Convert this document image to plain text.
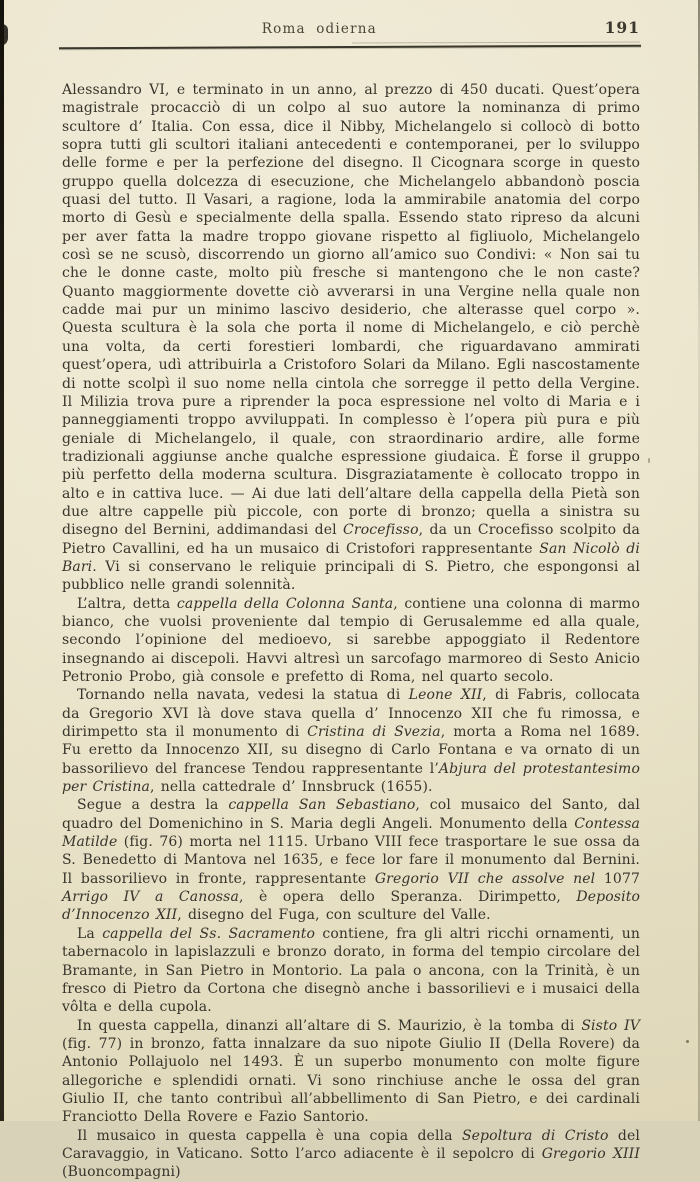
Roma odierna	191

Alessandro VI, e terminato in un anno, al prezzo di 450 ducati. Quest’opera magistrale procacciò di un colpo al suo autore la nominanza di primo scultore d’ Italia. Con essa, dice il Nibby, Michelangelo si collocò di botto sopra tutti gli scultori italiani antecedenti e contemporanei, per lo sviluppo delle forme e per la perfezione del disegno. Il Cicognara scorge in questo gruppo quella dolcezza di esecuzione, che Michelangelo abbandonò poscia quasi del tutto. Il Vasari, a ragione, loda la ammirabile anatomia del corpo morto di Gesù e specialmente della spalla. Essendo stato ripreso da alcuni per aver fatta la madre troppo giovane rispetto al figliuolo, Michelangelo così se ne scusò, discorrendo un giorno all’amico suo Condivi: « Non sai tu che le donne caste, molto più fresche si mantengono che le non caste? Quanto maggiormente dovette ciò avverarsi in una Vergine nella quale non cadde mai pur un minimo lascivo desiderio, che alterasse quel corpo ». Questa scultura è la sola che porta il nome di Michelangelo, e ciò perchè una volta, da certi forestieri lombardi, che riguardavano ammirati quest’opera, udì attribuirla a Cristoforo Solari da Milano. Egli nascostamente di notte scolpì il suo nome nella cintola che sorregge il petto della Vergine. Il Milizia trova pure a riprender la poca espressione nel volto di Maria e i panneggiamenti troppo avviluppati. In complesso è l’opera più pura e più geniale di Michelangelo, il quale, con straordinario ardire, alle forme tradizionali aggiunse anche qualche espressione giudaica. È forse il gruppo più perfetto della moderna scultura. Disgraziatamente è collocato troppo in alto e in cattiva luce. — Ai due lati dell’altare della cappella della Pietà son due altre cappelle più piccole, con porte di bronzo; quella a sinistra su disegno del Bernini, addimandasi del Crocefisso, da un Crocefisso scolpito da Pietro Cavallini, ed ha un musaico di Cristofori rappresentante San Nicolò di Bari. Vi si conservano le reliquie principali di S. Pietro, che espongonsi al pubblico nelle grandi solennità.

L’altra, detta cappella della Colonna Santa, contiene una colonna di marmo bianco, che vuolsi proveniente dal tempio di Gerusalemme ed alla quale, secondo l’opinione del medioevo, si sarebbe appoggiato il Redentore insegnando ai discepoli. Havvi altresì un sarcofago marmoreo di Sesto Anicio Petronio Probo, già console e prefetto di Roma, nel quarto secolo.

Tornando nella navata, vedesi la statua di Leone XII, di Fabris, collocata da Gregorio XVI là dove stava quella d’ Innocenzo XII che fu rimossa, e dirimpetto sta il monumento di Cristina di Svezia, morta a Roma nel 1689. Fu eretto da Innocenzo XII, su disegno di Carlo Fontana e va ornato di un bassorilievo del francese Tendou rappresentante l’Abjura del protestantesimo per Cristina, nella cattedrale d’ Innsbruck (1655).

Segue a destra la cappella San Sebastiano, col musaico del Santo, dal quadro del Domenichino in S. Maria degli Angeli. Monumento della Contessa Matilde (fig. 76) morta nel 1115. Urbano VIII fece trasportare le sue ossa da S. Benedetto di Mantova nel 1635, e fece lor fare il monumento dal Bernini. Il bassorilievo in fronte, rappresentante Gregorio VII che assolve nel 1077 Arrigo IV a Canossa, è opera dello Speranza. Dirimpetto, Deposito d’Innocenzo XII, disegno del Fuga, con sculture del Valle.

La cappella del Ss. Sacramento contiene, fra gli altri ricchi ornamenti, un tabernacolo in lapislazzuli e bronzo dorato, in forma del tempio circolare del Bramante, in San Pietro in Montorio. La pala o ancona, con la Trinità, è un fresco di Pietro da Cortona che disegnò anche i bassorilievi e i musaici della vôlta e della cupola.

In questa cappella, dinanzi all’altare di S. Maurizio, è la tomba di Sisto IV (fig. 77) in bronzo, fatta innalzare da suo nipote Giulio II (Della Rovere) da Antonio Pollajuolo nel 1493. È un superbo monumento con molte figure allegoriche e splendidi ornati. Vi sono rinchiuse anche le ossa del gran Giulio II, che tanto contribuì all’abbellimento di San Pietro, e dei cardinali Franciotto Della Rovere e Fazio Santorio.

Il musaico in questa cappella è una copia della Sepoltura di Cristo del Caravaggio, in Vaticano. Sotto l’arco adiacente è il sepolcro di Gregorio XIII (Buoncompagni)
